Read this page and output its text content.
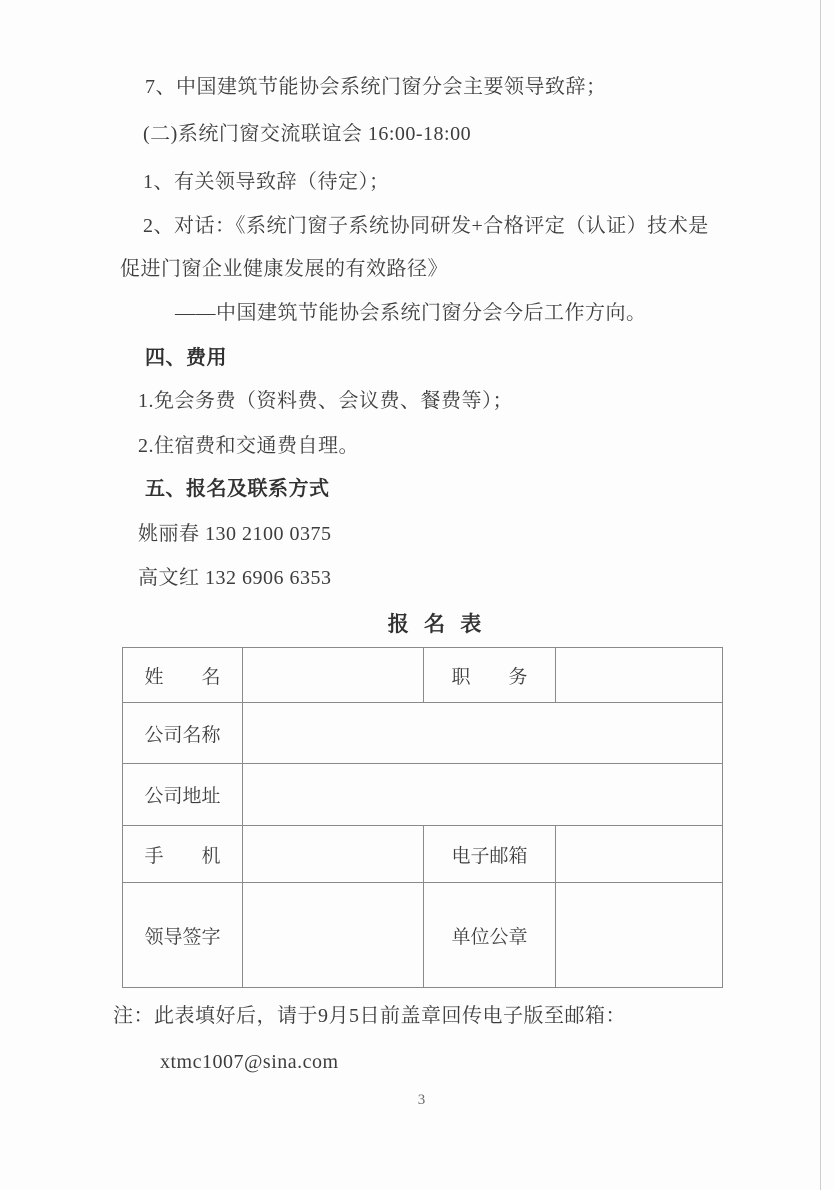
7、中国建筑节能协会系统门窗分会主要领导致辞；
(二)系统门窗交流联谊会 16:00-18:00
1、有关领导致辞（待定）；
2、对话：《系统门窗子系统协同研发+合格评定（认证）技术是
促进门窗企业健康发展的有效路径》
——中国建筑节能协会系统门窗分会今后工作方向。
四、费用
1.免会务费（资料费、会议费、餐费等）；
2.住宿费和交通费自理。
五、报名及联系方式
姚丽春 130 2100 0375
高文红 132 6906 6353
报 名 表
姓　　名		职　　务	
公司名称			
公司地址			
手　　机		电子邮箱	
领导签字		单位公章	
注：此表填好后，请于9月5日前盖章回传电子版至邮箱：
xtmc1007@sina.com
3
